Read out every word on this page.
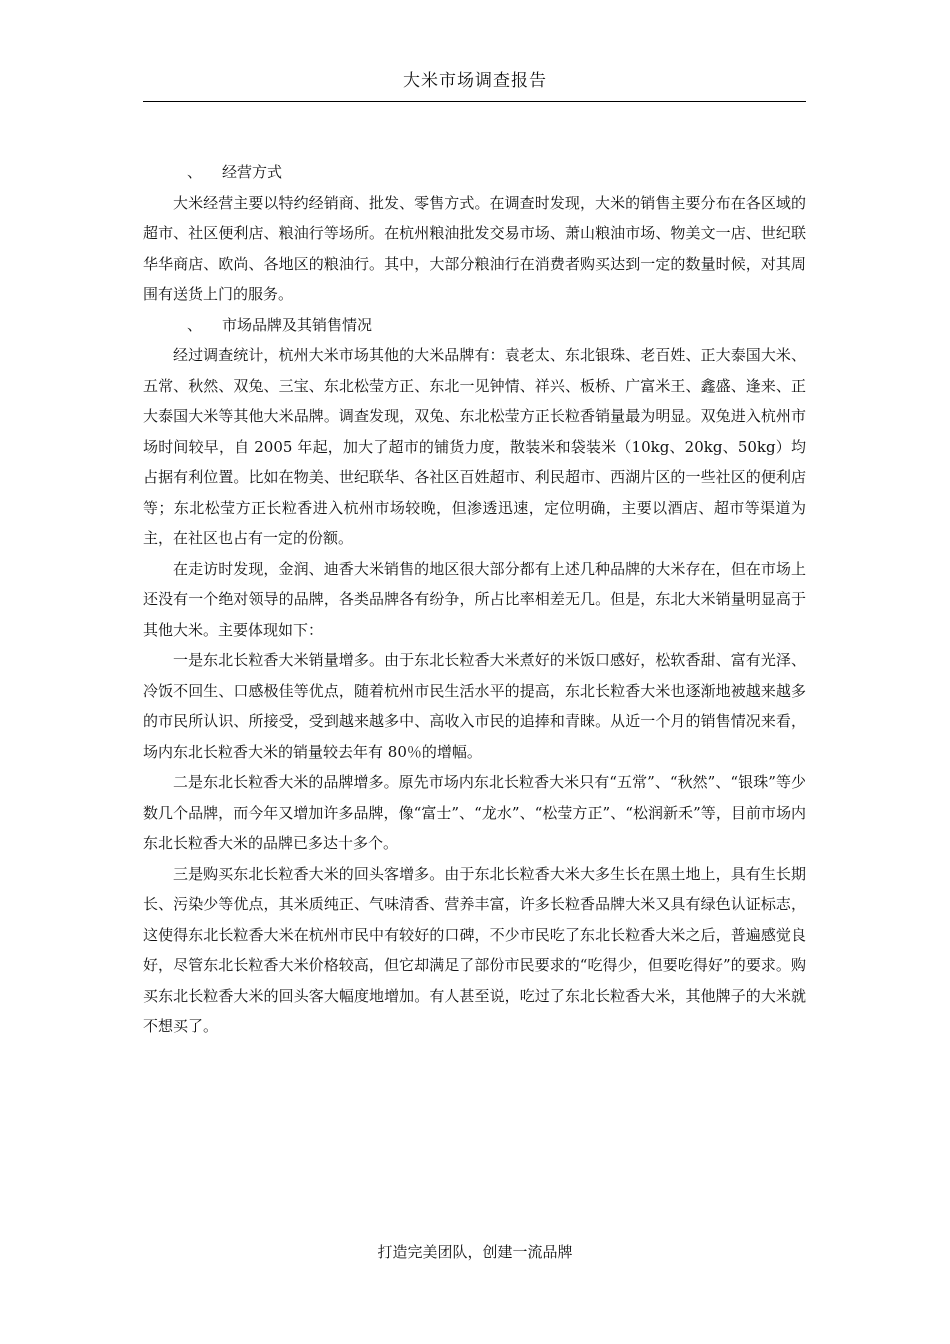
大米市场调查报告
、 经营方式

大米经营主要以特约经销商、批发、零售方式。在调查时发现，大米的销售主要分布在各区域的超市、社区便利店、粮油行等场所。在杭州粮油批发交易市场、萧山粮油市场、物美文一店、世纪联华华商店、欧尚、各地区的粮油行。其中，大部分粮油行在消费者购买达到一定的数量时候，对其周围有送货上门的服务。

、 市场品牌及其销售情况

经过调查统计，杭州大米市场其他的大米品牌有：袁老太、东北银珠、老百姓、正大泰国大米、五常、秋然、双兔、三宝、东北松莹方正、东北一见钟情、祥兴、板桥、广富米王、鑫盛、逢来、正大泰国大米等其他大米品牌。调查发现，双兔、东北松莹方正长粒香销量最为明显。双兔进入杭州市场时间较早，自 2005 年起，加大了超市的铺货力度，散装米和袋装米（10kg、20kg、50kg）均占据有利位置。比如在物美、世纪联华、各社区百姓超市、利民超市、西湖片区的一些社区的便利店等；东北松莹方正长粒香进入杭州市场较晚，但渗透迅速，定位明确，主要以酒店、超市等渠道为主，在社区也占有一定的份额。

在走访时发现，金润、迪香大米销售的地区很大部分都有上述几种品牌的大米存在，但在市场上还没有一个绝对领导的品牌，各类品牌各有纷争，所占比率相差无几。但是，东北大米销量明显高于其他大米。主要体现如下：

一是东北长粒香大米销量增多。由于东北长粒香大米煮好的米饭口感好，松软香甜、富有光泽、冷饭不回生、口感极佳等优点，随着杭州市民生活水平的提高，东北长粒香大米也逐渐地被越来越多的市民所认识、所接受，受到越来越多中、高收入市民的追捧和青睐。从近一个月的销售情况来看，场内东北长粒香大米的销量较去年有 80％的增幅。

二是东北长粒香大米的品牌增多。原先市场内东北长粒香大米只有“五常”、“秋然”、“银珠”等少数几个品牌，而今年又增加许多品牌，像“富士”、“龙水”、“松莹方正”、“松润新禾”等，目前市场内东北长粒香大米的品牌已多达十多个。

三是购买东北长粒香大米的回头客增多。由于东北长粒香大米大多生长在黑土地上，具有生长期长、污染少等优点，其米质纯正、气味清香、营养丰富，许多长粒香品牌大米又具有绿色认证标志，这使得东北长粒香大米在杭州市民中有较好的口碑，不少市民吃了东北长粒香大米之后，普遍感觉良好，尽管东北长粒香大米价格较高，但它却满足了部份市民要求的“吃得少，但要吃得好”的要求。购买东北长粒香大米的回头客大幅度地增加。有人甚至说，吃过了东北长粒香大米，其他牌子的大米就不想买了。

打造完美团队，创建一流品牌
